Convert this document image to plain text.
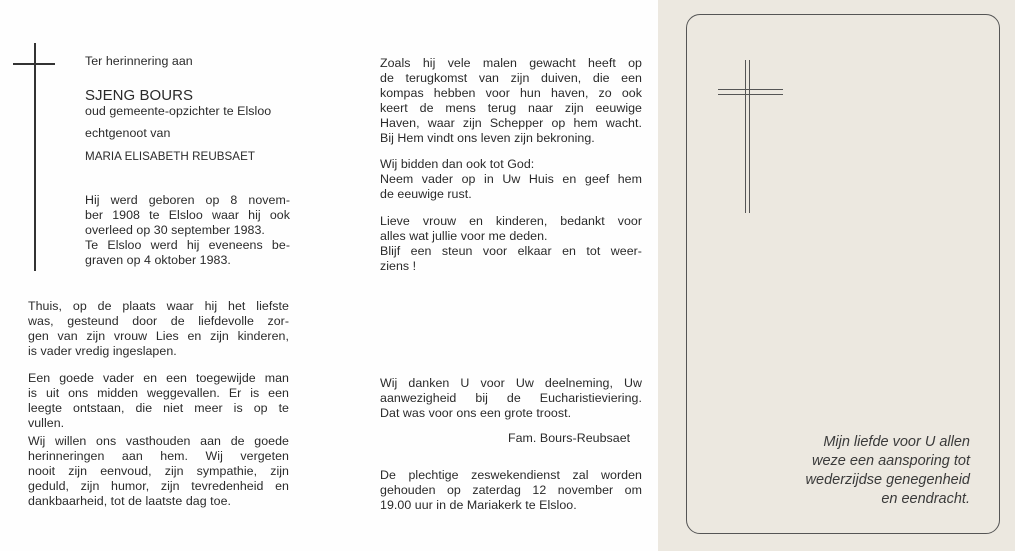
Ter herinnering aan
SJENG BOURS
oud gemeente-opzichter te Elsloo
echtgenoot van
MARIA ELISABETH REUBSAET
Hij werd geboren op 8 novem-
ber 1908 te Elsloo waar hij ook
overleed op 30 september 1983.
Te Elsloo werd hij eveneens be-
graven op 4 oktober 1983.
Thuis, op de plaats waar hij het liefste
was, gesteund door de liefdevolle zor-
gen van zijn vrouw Lies en zijn kinderen,
is vader vredig ingeslapen.
Een goede vader en een toegewijde man
is uit ons midden weggevallen. Er is een
leegte ontstaan, die niet meer is op te
vullen.
Wij willen ons vasthouden aan de goede
herinneringen aan hem. Wij vergeten
nooit zijn eenvoud, zijn sympathie, zijn
geduld, zijn humor, zijn tevredenheid en
dankbaarheid, tot de laatste dag toe.
Zoals hij vele malen gewacht heeft op
de terugkomst van zijn duiven, die een
kompas hebben voor hun haven, zo ook
keert de mens terug naar zijn eeuwige
Haven, waar zijn Schepper op hem wacht.
Bij Hem vindt ons leven zijn bekroning.
Wij bidden dan ook tot God:
Neem vader op in Uw Huis en geef hem
de eeuwige rust.
Lieve vrouw en kinderen, bedankt voor
alles wat jullie voor me deden.
Blijf een steun voor elkaar en tot weer-
ziens !
Wij danken U voor Uw deelneming, Uw
aanwezigheid bij de Eucharistieviering.
Dat was voor ons een grote troost.
Fam. Bours-Reubsaet
De plechtige zeswekendienst zal worden
gehouden op zaterdag 12 november om
19.00 uur in de Mariakerk te Elsloo.
Mijn liefde voor U allen
weze een aansporing tot
wederzijdse genegenheid
en eendracht.
